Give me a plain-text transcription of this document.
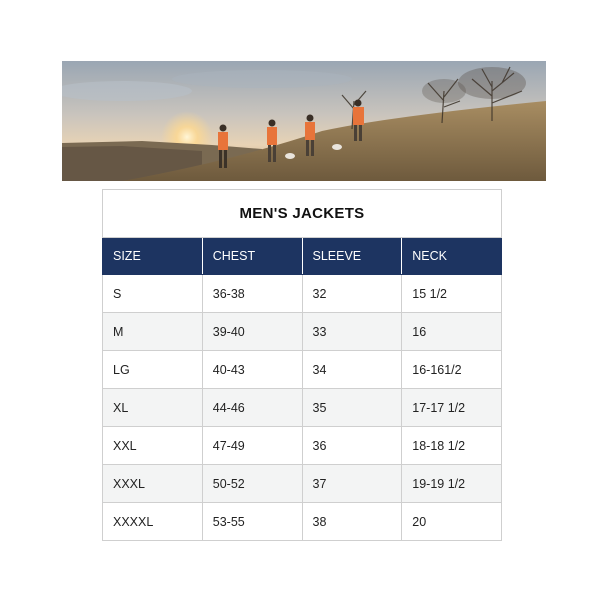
MEN'S JACKETS			
SIZE	CHEST	SLEEVE	NECK
S	36-38	32	15 1/2
M	39-40	33	16
LG	40-43	34	16-161/2
XL	44-46	35	17-17 1/2
XXL	47-49	36	18-18 1/2
XXXL	50-52	37	19-19 1/2
XXXXL	53-55	38	20
